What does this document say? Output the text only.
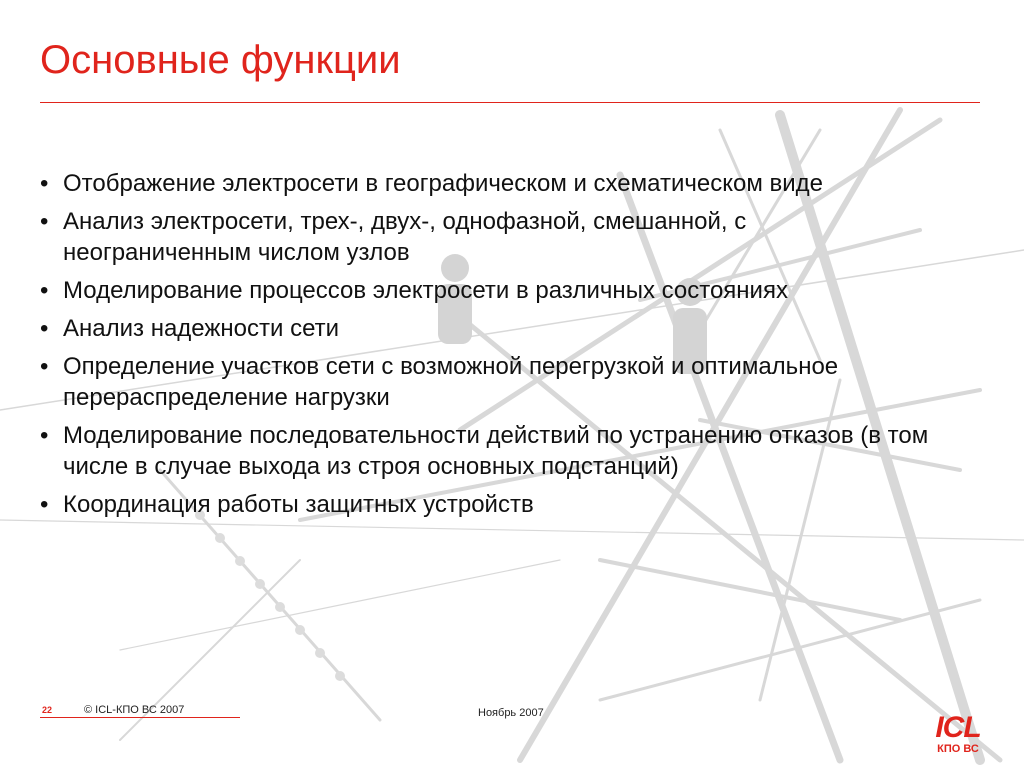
Основные функции
• Отображение электросети в географическом и схематическом виде
• Анализ электросети, трех-, двух-, однофазной, смешанной, с неограниченным числом узлов
• Моделирование процессов электросети в различных состояниях
• Анализ надежности сети
• Определение участков сети с возможной перегрузкой и оптимальное перераспределение нагрузки
• Моделирование последовательности действий по устранению отказов (в том числе в случае выхода из строя основных подстанций)
• Координация работы защитных устройств
22	© ICL-КПО ВС 2007	Ноябрь 2007	ICL
КПО ВС
